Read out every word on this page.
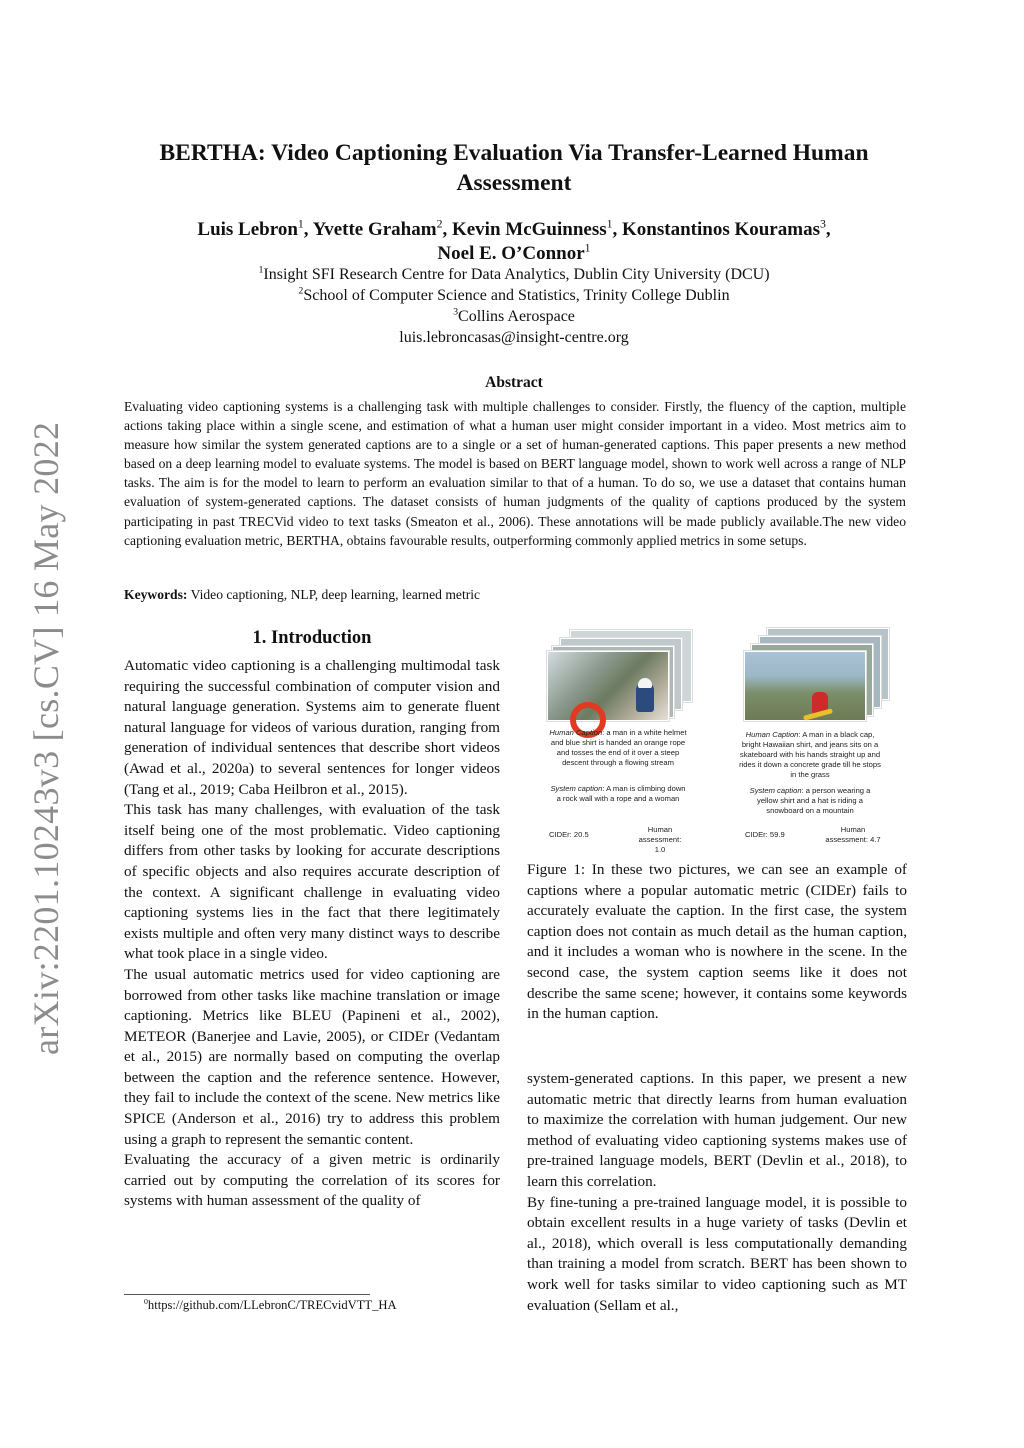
arXiv:2201.10243v3 [cs.CV] 16 May 2022
BERTHA: Video Captioning Evaluation Via Transfer-Learned Human Assessment
Luis Lebron$^1$, Yvette Graham$^2$, Kevin McGuinness$^1$, Konstantinos Kouramas$^3$,
Noel E. O’Connor$^1$
$^1$Insight SFI Research Centre for Data Analytics, Dublin City University (DCU)
$^2$School of Computer Science and Statistics, Trinity College Dublin
$^3$Collins Aerospace
luis.lebroncasas@insight-centre.org
Abstract

Evaluating video captioning systems is a challenging task with multiple challenges to consider. Firstly, the fluency of the caption, multiple actions taking place within a single scene, and estimation of what a human user might consider important in a video. Most metrics aim to measure how similar the system generated captions are to a single or a set of human-generated captions. This paper presents a new method based on a deep learning model to evaluate systems. The model is based on BERT language model, shown to work well across a range of NLP tasks. The aim is for the model to learn to perform an evaluation similar to that of a human. To do so, we use a dataset that contains human evaluation of system-generated captions. The dataset consists of human judgments of the quality of captions produced by the system participating in past TRECVid video to text tasks (Smeaton et al., 2006). These annotations will be made publicly available.The new video captioning evaluation metric, BERTHA, obtains favourable results, outperforming commonly applied metrics in some setups.

Keywords: Video captioning, NLP, deep learning, learned metric
1. Introduction

Automatic video captioning is a challenging multimodal task requiring the successful combination of computer vision and natural language generation. Systems aim to generate fluent natural language for videos of various duration, ranging from generation of individual sentences that describe short videos (Awad et al., 2020a) to several sentences for longer videos (Tang et al., 2019; Caba Heilbron et al., 2015).

This task has many challenges, with evaluation of the task itself being one of the most problematic. Video captioning differs from other tasks by looking for accurate descriptions of specific objects and also requires accurate description of the context. A significant challenge in evaluating video captioning systems lies in the fact that there legitimately exists multiple and often very many distinct ways to describe what took place in a single video.

The usual automatic metrics used for video captioning are borrowed from other tasks like machine translation or image captioning. Metrics like BLEU (Papineni et al., 2002), METEOR (Banerjee and Lavie, 2005), or CIDEr (Vedantam et al., 2015) are normally based on computing the overlap between the caption and the reference sentence. However, they fail to include the context of the scene. New metrics like SPICE (Anderson et al., 2016) try to address this problem using a graph to represent the semantic content.

Evaluating the accuracy of a given metric is ordinarily carried out by computing the correlation of its scores for systems with human assessment of the quality of

$^0$https://github.com/LLebronC/TRECvidVTT_HA
Human Caption: a man in a white helmet and blue shirt is handed an orange rope and tosses the end of it over a steep descent through a flowing stream
System caption: A man is climbing down a rock wall with a rope and a woman
CIDEr: 20.5
Human assessment: 1.0
Human Caption: A man in a black cap, bright Hawaiian shirt, and jeans sits on a skateboard with his hands straight up and rides it down a concrete grade till he stops in the grass
System caption: a person wearing a yellow shirt and a hat is riding a snowboard on a mountain
CIDEr: 59.9
Human assessment: 4.7

Figure 1: In these two pictures, we can see an example of captions where a popular automatic metric (CIDEr) fails to accurately evaluate the caption. In the first case, the system caption does not contain as much detail as the human caption, and it includes a woman who is nowhere in the scene. In the second case, the system caption seems like it does not describe the same scene; however, it contains some keywords in the human caption.

system-generated captions. In this paper, we present a new automatic metric that directly learns from human evaluation to maximize the correlation with human judgement. Our new method of evaluating video captioning systems makes use of pre-trained language models, BERT (Devlin et al., 2018), to learn this correlation.

By fine-tuning a pre-trained language model, it is possible to obtain excellent results in a huge variety of tasks (Devlin et al., 2018), which overall is less computationally demanding than training a model from scratch. BERT has been shown to work well for tasks similar to video captioning such as MT evaluation (Sellam et al.,
